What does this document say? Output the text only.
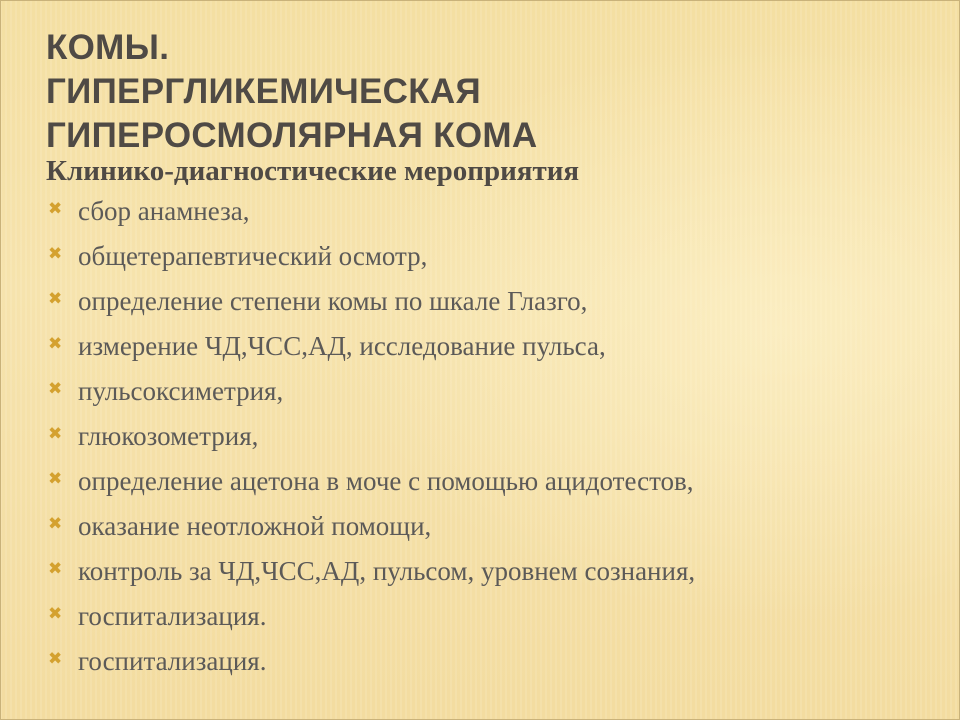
КОМЫ.
ГИПЕРГЛИКЕМИЧЕСКАЯ
ГИПЕРОСМОЛЯРНАЯ КОМА
Клинико-диагностические мероприятия
✖ сбор анамнеза,
✖ общетерапевтический осмотр,
✖ определение степени комы по шкале Глазго,
✖ измерение ЧД,ЧСС,АД, исследование пульса,
✖ пульсоксиметрия,
✖ глюкозометрия,
✖ определение ацетона в моче с помощью ацидотестов,
✖ оказание неотложной помощи,
✖ контроль за ЧД,ЧСС,АД, пульсом, уровнем сознания,
✖ госпитализация.
✖ госпитализация.
